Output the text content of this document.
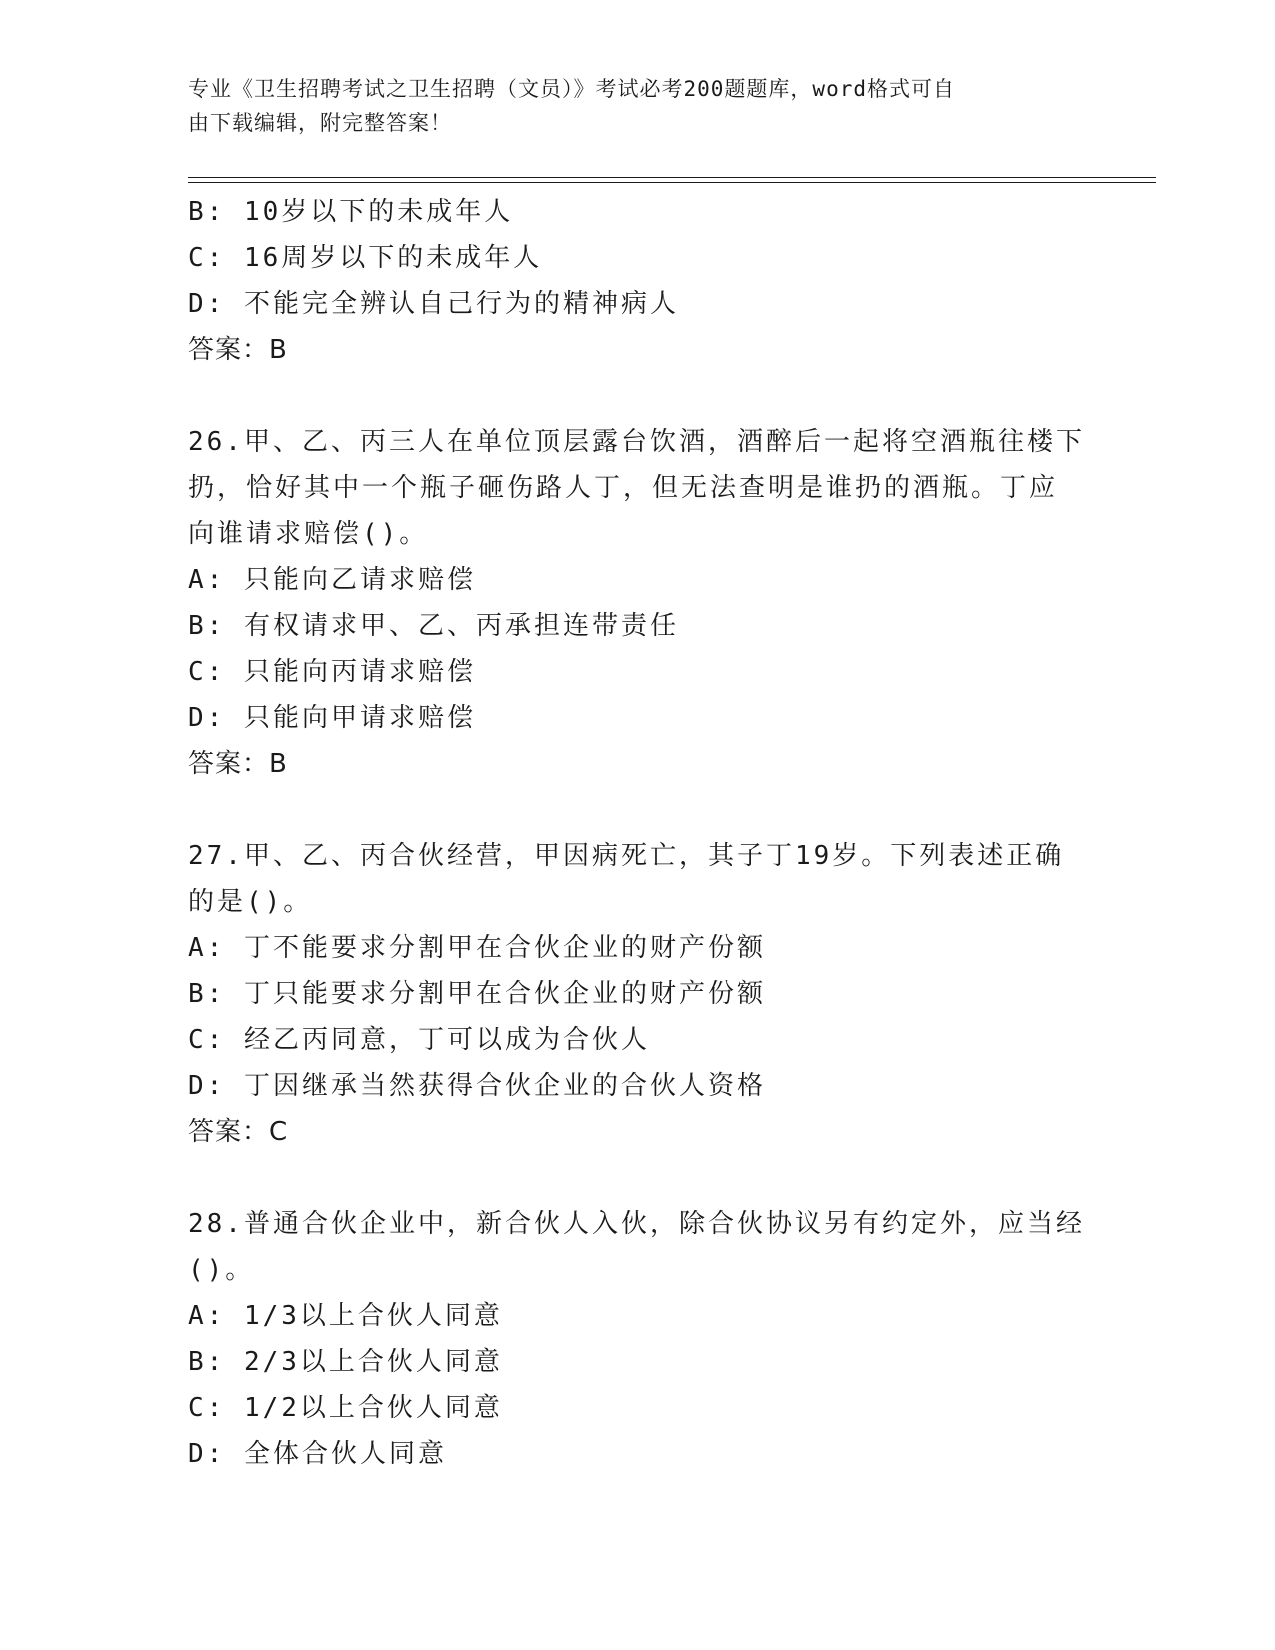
专业《卫生招聘考试之卫生招聘（文员）》考试必考200题题库，word格式可自
由下载编辑，附完整答案！
B: 10岁以下的未成年人
C: 16周岁以下的未成年人
D: 不能完全辨认自己行为的精神病人
答案：B
26.甲、乙、丙三人在单位顶层露台饮酒，酒醉后一起将空酒瓶往楼下
扔，恰好其中一个瓶子砸伤路人丁，但无法查明是谁扔的酒瓶。丁应
向谁请求赔偿()。
A: 只能向乙请求赔偿
B: 有权请求甲、乙、丙承担连带责任
C: 只能向丙请求赔偿
D: 只能向甲请求赔偿
答案：B
27.甲、乙、丙合伙经营，甲因病死亡，其子丁19岁。下列表述正确
的是()。
A: 丁不能要求分割甲在合伙企业的财产份额
B: 丁只能要求分割甲在合伙企业的财产份额
C: 经乙丙同意，丁可以成为合伙人
D: 丁因继承当然获得合伙企业的合伙人资格
答案：C
28.普通合伙企业中，新合伙人入伙，除合伙协议另有约定外，应当经
()。
A: 1/3以上合伙人同意
B: 2/3以上合伙人同意
C: 1/2以上合伙人同意
D: 全体合伙人同意
